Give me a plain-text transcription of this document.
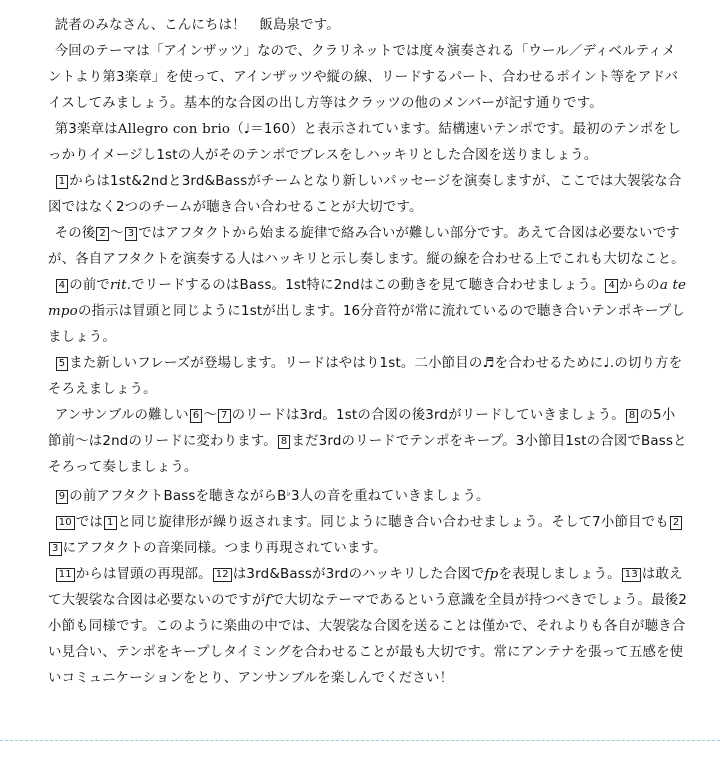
読者のみなさん、こんにちは！　飯島泉です。

今回のテーマは「アインザッツ」なので、クラリネットでは度々演奏される「ウール／ディベルティメントより第3楽章」を使って、アインザッツや縦の線、リードするパート、合わせるポイント等をアドバイスしてみましょう。基本的な合図の出し方等はクラッツの他のメンバーが記す通りです。

第3楽章はAllegro con brio（♩＝160）と表示されています。結構速いテンポです。最初のテンポをしっかりイメージし1stの人がそのテンポでブレスをしハッキリとした合図を送りましょう。

1 からは1st&2ndと3rd&Bassがチームとなり新しいパッセージを演奏しますが、ここでは大袈裟な合図ではなく2つのチームが聴き合い合わせることが大切です。

その後 2 〜 3 ではアフタクトから始まる旋律で絡み合いが難しい部分です。あえて合図は必要ないですが、各自アフタクトを演奏する人はハッキリと示し奏します。縦の線を合わせる上でこれも大切なこと。

4 の前でrit.でリードするのはBass。1st特に2ndはこの動きを見て聴き合わせましょう。 4 からのa tempoの指示は冒頭と同じように1stが出します。16分音符が常に流れているので聴き合いテンポキープしましょう。

5 また新しいフレーズが登場します。リードはやはり1st。二小節目の♬を合わせるために♩.の切り方をそろえましょう。

アンサンブルの難しい 6 〜 7 のリードは3rd。1stの合図の後3rdがリードしていきましょう。 8 の5小節前〜は2ndのリードに変わります。 8 まだ3rdのリードでテンポをキープ。3小節目1stの合図でBassとそろって奏しましょう。

9 の前アフタクトBassを聴きながらB♭3人の音を重ねていきましょう。

10 では 1 と同じ旋律形が繰り返されます。同じように聴き合い合わせましょう。そして7小節目でも 23 にアフタクトの音楽同様。つまり再現されています。

11 からは冒頭の再現部。 12 は3rd&Bassが3rdのハッキリした合図でfpを表現しましょう。 13 は敢えて大袈裟な合図は必要ないのですがfで大切なテーマであるという意識を全員が持つべきでしょう。最後2小節も同様です。このように楽曲の中では、大袈裟な合図を送ることは僅かで、それよりも各自が聴き合い見合い、テンポをキープしタイミングを合わせることが最も大切です。常にアンテナを張って五感を使いコミュニケーションをとり、アンサンブルを楽しんでください！
